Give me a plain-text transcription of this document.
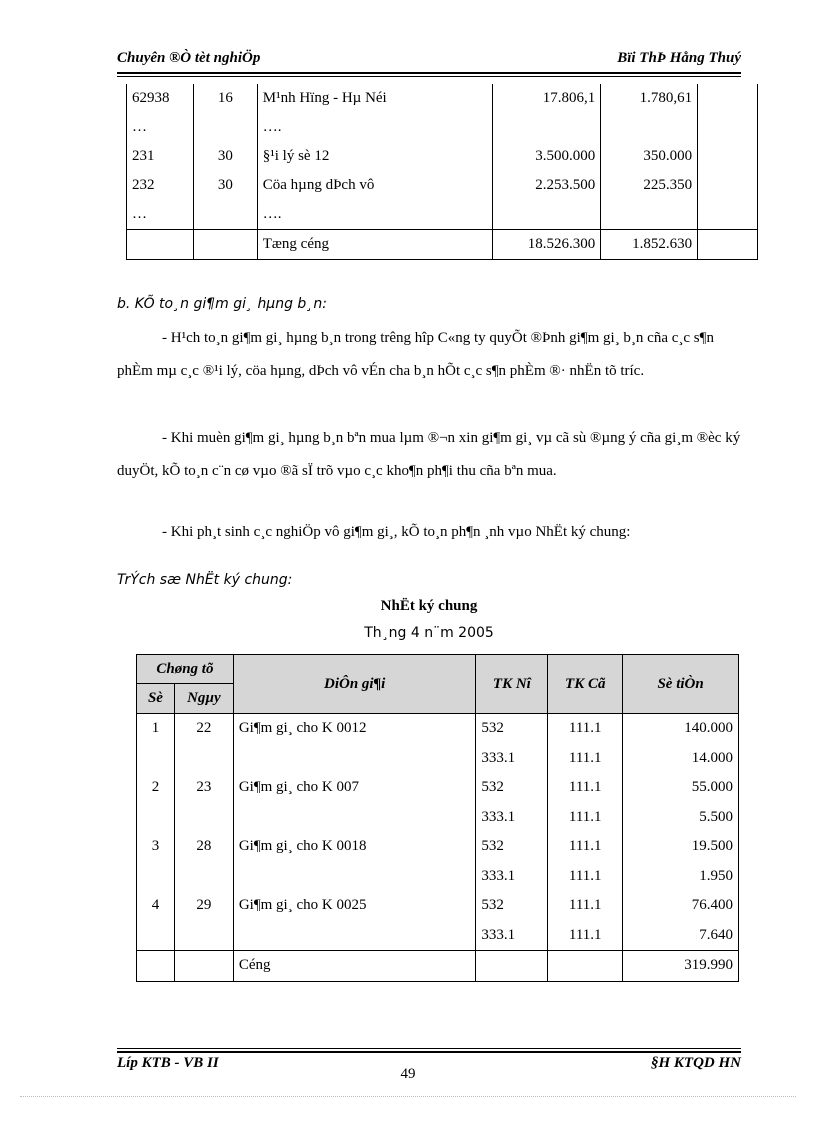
Chuyên ®Ò tèt nghiÖp	Bïi ThÞ Hång Thuý
62938	16	M¹nh Hïng - Hµ Néi	17.806,1	1.780,61	
…		….			
231	30	§¹i lý sè 12	3.500.000	350.000	
232	30	Cöa hµng dÞch vô	2.253.500	225.350	
…		….			
		Tæng céng	18.526.300	1.852.630	
b. KÕ to¸n gi¶m gi¸ hµng b¸n:
- H¹ch to¸n gi¶m gi¸ hµng b¸n trong trêng hîp C«ng ty quyÕt ®Þnh gi¶m gi¸ b¸n cña c¸c s¶n phÈm mµ c¸c ®¹i lý, cöa hµng, dÞch vô vÉn cha b¸n hÕt c¸c s¶n phÈm ®· nhËn tõ tríc.
- Khi muèn gi¶m gi¸ hµng b¸n bªn mua lµm ®¬n xin gi¶m gi¸ vµ cã sù ®µng ý cña gi¸m ®èc ký duyÖt, kÕ to¸n c¨n cø vµo ®ã sÏ trõ vµo c¸c kho¶n ph¶i thu cña bªn mua.
- Khi ph¸t sinh c¸c nghiÖp vô gi¶m gi¸, kÕ to¸n ph¶n ¸nh vµo NhËt ký chung:
TrÝch sæ NhËt ký chung:
NhËt ký chung
Th¸ng 4 n¨m 2005
Chøng tõ		DiÔn gi¶i	TK Nî	TK Cã	Sè tiÒn
Sè	Ngµy				
1	22	Gi¶m gi¸ cho K 0012	532	111.1	140.000
			333.1	111.1	14.000
2	23	Gi¶m gi¸ cho K 007	532	111.1	55.000
			333.1	111.1	5.500
3	28	Gi¶m gi¸ cho K 0018	532	111.1	19.500
			333.1	111.1	1.950
4	29	Gi¶m gi¸ cho K 0025	532	111.1	76.400
			333.1	111.1	7.640
		Céng			319.990
Líp KTB - VB II	§H KTQD HN
49
